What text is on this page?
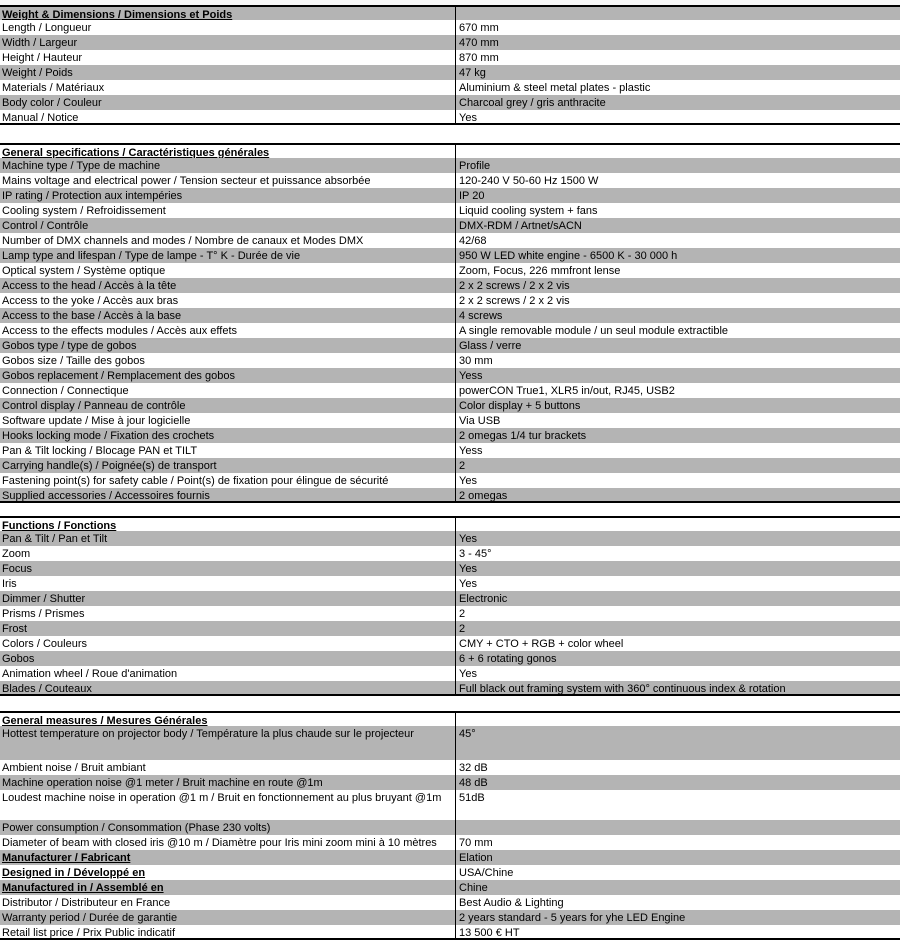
Weight & Dimensions / Dimensions et Poids
Length / Longueur	670 mm
Width / Largeur	470 mm
Height / Hauteur	870 mm
Weight / Poids	47 kg
Materials / Matériaux	Aluminium & steel metal plates - plastic
Body color / Couleur	Charcoal grey / gris anthracite
Manual / Notice	Yes
General specifications / Caractéristiques générales
Machine type / Type de machine	Profile
Mains voltage and electrical power / Tension secteur et puissance absorbée	120-240 V 50-60 Hz 1500 W
IP rating / Protection aux intempéries	IP 20
Cooling system / Refroidissement	Liquid cooling system + fans
Control / Contrôle	DMX-RDM / Artnet/sACN
Number of DMX channels and modes / Nombre de canaux et Modes DMX	42/68
Lamp type and lifespan / Type de lampe - T° K - Durée de vie	950 W LED white engine - 6500 K - 30 000 h
Optical system / Système optique	Zoom, Focus, 226 mmfront lense
Access to the head / Accès à la tête	2 x 2 screws / 2 x 2 vis
Access to the yoke / Accès aux bras	2 x 2 screws / 2 x 2 vis
Access to the base / Accès à la base	4 screws
Access to the effects modules / Accès aux effets	A single removable module / un seul module extractible
Gobos type / type de gobos	Glass / verre
Gobos size / Taille des gobos	30 mm
Gobos replacement / Remplacement des gobos	Yess
Connection / Connectique	powerCON True1, XLR5 in/out, RJ45, USB2
Control display / Panneau de contrôle	Color display + 5 buttons
Software update / Mise à jour logicielle	Via USB
Hooks locking mode / Fixation des crochets	2 omegas 1/4 tur brackets
Pan & Tilt locking / Blocage PAN et TILT	Yess
Carrying handle(s) / Poignée(s) de transport	2
Fastening point(s) for safety cable / Point(s) de fixation pour élingue de sécurité	Yes
Supplied accessories / Accessoires fournis	2 omegas
Functions / Fonctions
Pan & Tilt / Pan et Tilt	Yes
Zoom	3 - 45°
Focus	Yes
Iris	Yes
Dimmer / Shutter	Electronic
Prisms / Prismes	2
Frost	2
Colors / Couleurs	CMY + CTO + RGB + color wheel
Gobos	6 + 6 rotating gonos
Animation wheel / Roue d'animation	Yes
Blades / Couteaux	Full black out framing system with 360° continuous index & rotation
General measures / Mesures Générales
Hottest temperature on projector body / Température la plus chaude sur le projecteur	45°
Ambient noise / Bruit ambiant	32 dB
Machine operation noise @1 meter / Bruit machine en route @1m	48 dB
Loudest machine noise in operation @1 m / Bruit en fonctionnement au plus bruyant @1m	51dB
Power consumption / Consommation (Phase 230 volts)
Diameter of beam with closed iris @10 m / Diamètre pour Iris mini zoom mini à 10 mètres	70 mm
Manufacturer / Fabricant	Elation
Designed in / Développé en	USA/Chine
Manufactured in / Assemblé en	Chine
Distributor / Distributeur en France	Best Audio & Lighting
Warranty period / Durée de garantie	2 years standard - 5 years for yhe LED Engine
Retail list price / Prix Public indicatif	13 500 € HT
